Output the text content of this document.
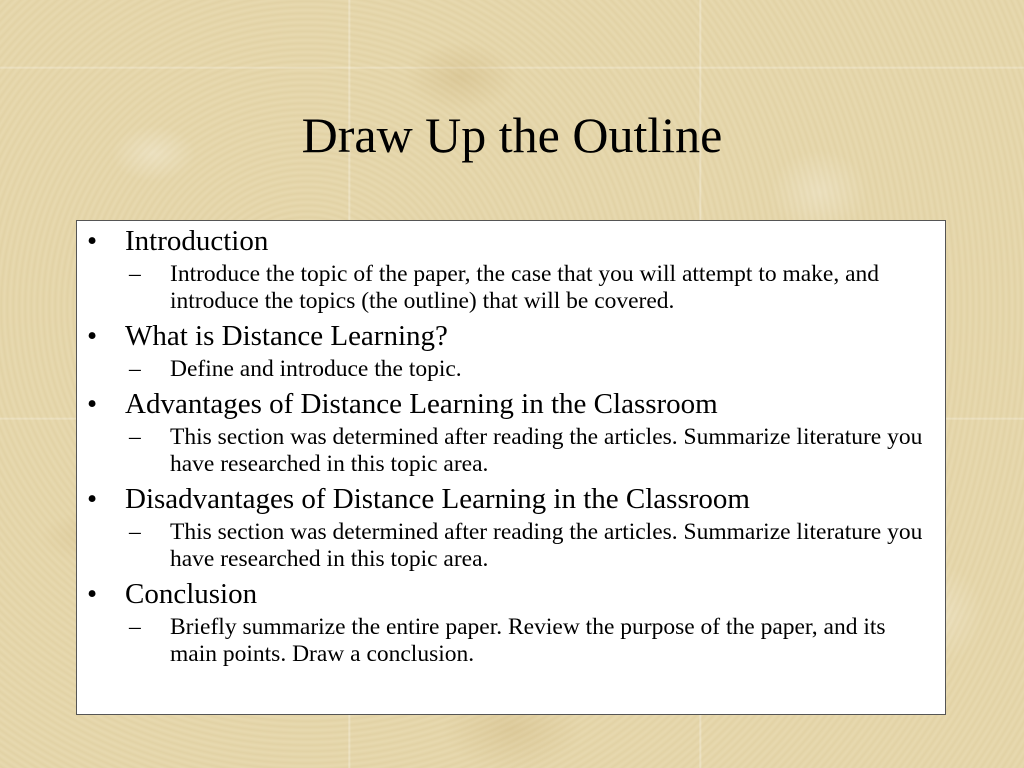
Draw Up the Outline
• Introduction
–	Introduce the topic of the paper, the case that you will attempt to make, and introduce the topics (the outline) that will be covered.
• What is Distance Learning?
–	Define and introduce the topic.
• Advantages of Distance Learning in the Classroom
–	This section was determined after reading the articles. Summarize literature you have researched in this topic area.
• Disadvantages of Distance Learning in the Classroom
–	This section was determined after reading the articles. Summarize literature you have researched in this topic area.
• Conclusion
–	Briefly summarize the entire paper. Review the purpose of the paper, and its main points. Draw a conclusion.
